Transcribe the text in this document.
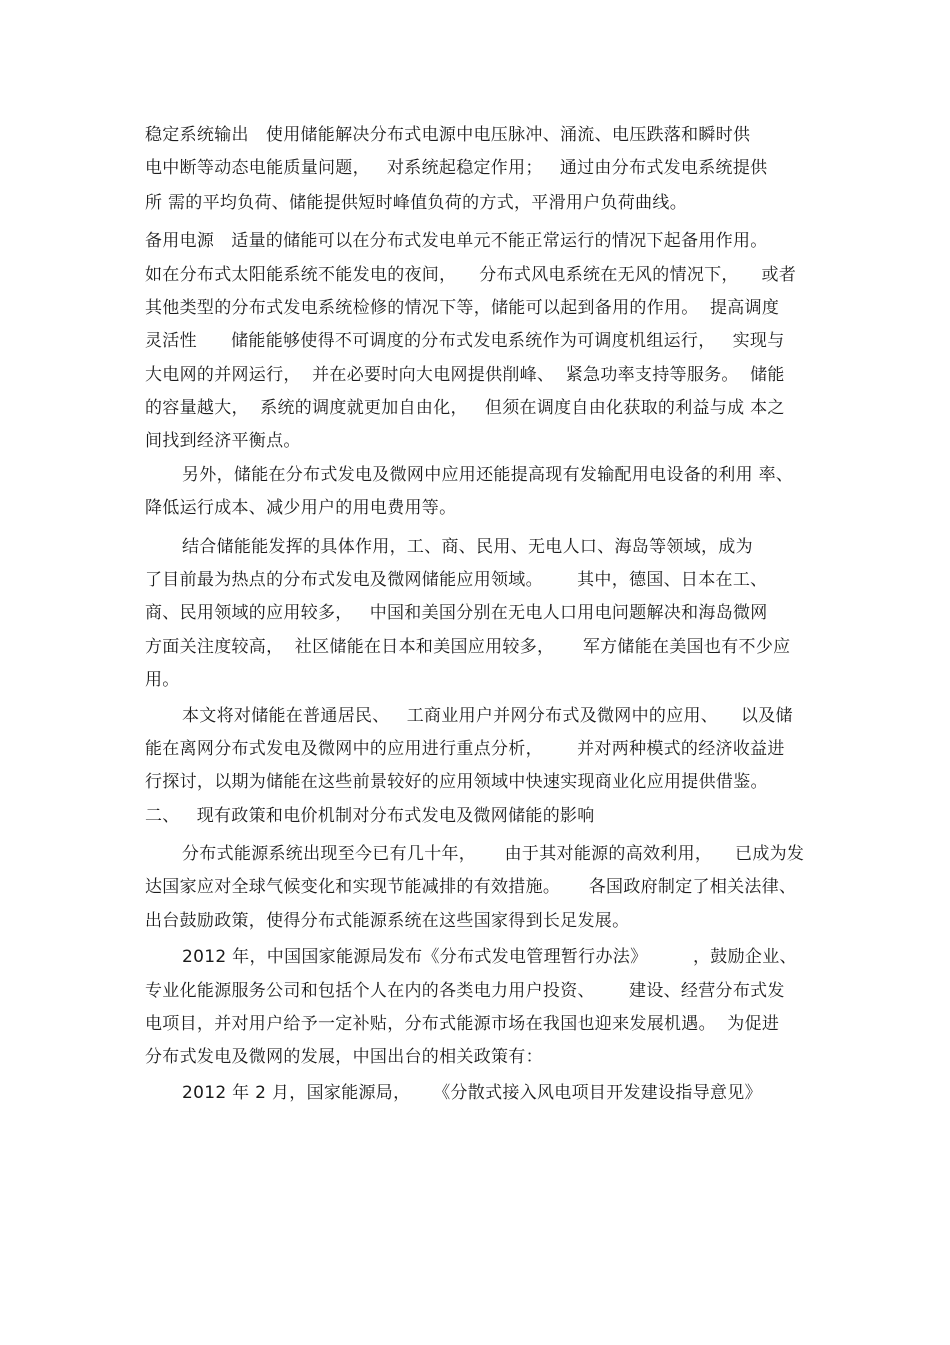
稳定系统输出   使用储能解决分布式电源中电压脉冲、涌流、电压跌落和瞬时供
电中断等动态电能质量问题，   对系统起稳定作用；   通过由分布式发电系统提供
所 需的平均负荷、储能提供短时峰值负荷的方式，平滑用户负荷曲线。
备用电源   适量的储能可以在分布式发电单元不能正常运行的情况下起备用作用。
如在分布式太阳能系统不能发电的夜间，    分布式风电系统在无风的情况下，    或者
其他类型的分布式发电系统检修的情况下等，储能可以起到备用的作用。  提高调度
灵活性      储能能够使得不可调度的分布式发电系统作为可调度机组运行，   实现与
大电网的并网运行，  并在必要时向大电网提供削峰、  紧急功率支持等服务。  储能
的容量越大，  系统的调度就更加自由化，   但须在调度自由化获取的利益与成 本之
间找到经济平衡点。
另外，储能在分布式发电及微网中应用还能提高现有发输配用电设备的利用 率、
降低运行成本、减少用户的用电费用等。
结合储能能发挥的具体作用，工、商、民用、无电人口、海岛等领域，成为
了目前最为热点的分布式发电及微网储能应用领域。      其中，德国、日本在工、
商、民用领域的应用较多，   中国和美国分别在无电人口用电问题解决和海岛微网
方面关注度较高，  社区储能在日本和美国应用较多，     军方储能在美国也有不少应
用。
本文将对储能在普通居民、   工商业用户并网分布式及微网中的应用、    以及储
能在离网分布式发电及微网中的应用进行重点分析，      并对两种模式的经济收益进
行探讨，以期为储能在这些前景较好的应用领域中快速实现商业化应用提供借鉴。
二、   现有政策和电价机制对分布式发电及微网储能的影响
分布式能源系统出现至今已有几十年，     由于其对能源的高效利用，    已成为发
达国家应对全球气候变化和实现节能减排的有效措施。     各国政府制定了相关法律、
出台鼓励政策，使得分布式能源系统在这些国家得到长足发展。
2012 年，中国国家能源局发布《分布式发电管理暂行办法》        ，鼓励企业、
专业化能源服务公司和包括个人在内的各类电力用户投资、      建设、经营分布式发
电项目，并对用户给予一定补贴，分布式能源市场在我国也迎来发展机遇。  为促进
分布式发电及微网的发展，中国出台的相关政策有：
2012 年 2 月，国家能源局，    《分散式接入风电项目开发建设指导意见》
